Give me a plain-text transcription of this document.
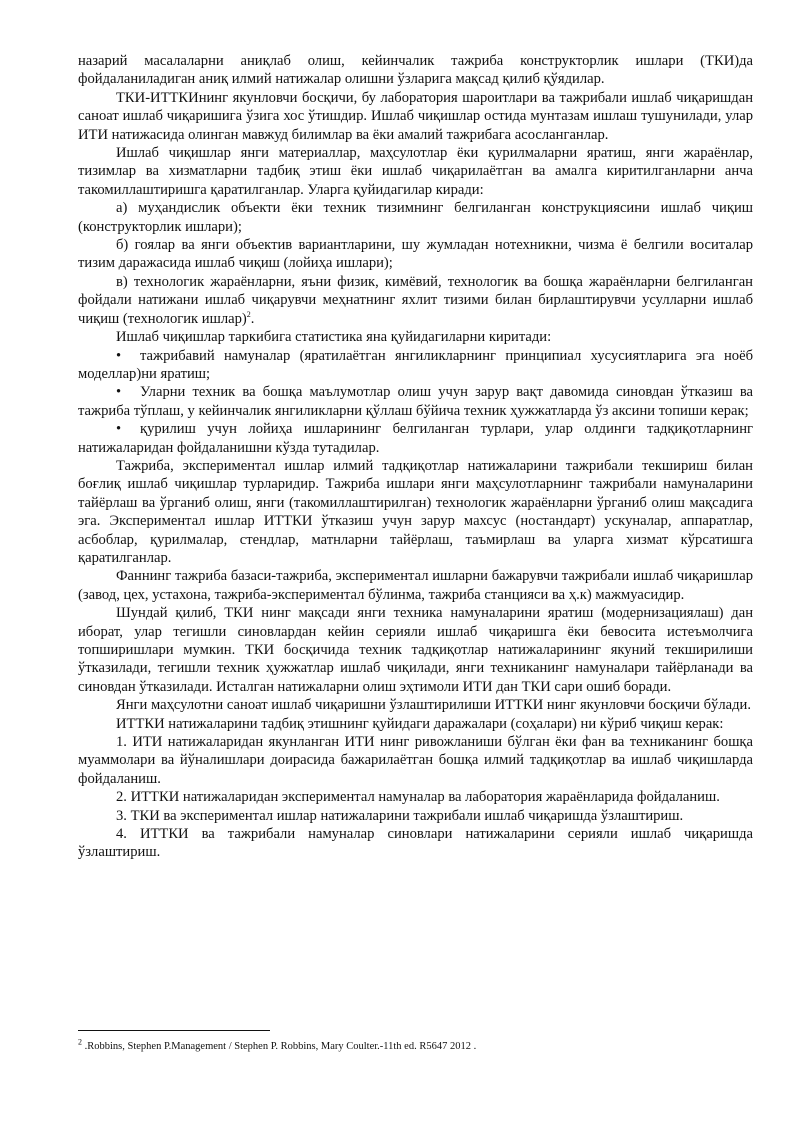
назарий масалаларни аниқлаб олиш, кейинчалик тажриба конструкторлик ишлари (ТКИ)да фойдаланиладиган аниқ илмий натижалар олишни ўзларига мақсад қилиб қўядилар.

ТКИ-ИТТКИнинг якунловчи босқичи, бу лаборатория шароитлари ва тажрибали ишлаб чиқаришдан саноат ишлаб чиқаришига ўзига хос ўтишдир. Ишлаб чиқишлар остида мунтазам ишлаш тушунилади, улар ИТИ натижасида олинган мавжуд билимлар ва ёки амалий тажрибага асосланганлар.

Ишлаб чиқишлар янги материаллар, маҳсулотлар ёки қурилмаларни яратиш, янги жараёнлар, тизимлар ва хизматларни тадбиқ этиш ёки ишлаб чиқарилаётган ва амалга киритилганларни анча такомиллаштиришга қаратилганлар. Уларга қуйидагилар киради:

а) муҳандислик объекти ёки техник тизимнинг белгиланган конструкциясини ишлаб чиқиш (конструкторлик ишлари);

б) гоялар ва янги объектив вариантларини, шу жумладан нотехникни, чизма ё белгили воситалар тизим даражасида ишлаб чиқиш (лойиҳа ишлари);

в) технологик жараёнларни, яъни физик, кимёвий, технологик ва бошқа жараёнларни белгиланган фойдали натижани ишлаб чиқарувчи меҳнатнинг яхлит тизими билан бирлаштирувчи усулларни ишлаб чиқиш (технологик ишлар)$^2$.

Ишлаб чиқишлар таркибига статистика яна қуйидагиларни киритади:

• тажрибавий намуналар (яратилаётган янгиликларнинг принципиал хусусиятларига эга ноёб моделлар)ни яратиш;

• Уларни техник ва бошқа маълумотлар олиш учун зарур вақт давомида синовдан ўтказиш ва тажриба тўплаш, у кейинчалик янгиликларни қўллаш бўйича техник ҳужжатларда ўз аксини топиши керак;

• қурилиш учун лойиҳа ишларининг белгиланган турлари, улар олдинги тадқиқотларнинг натижаларидан фойдаланишни кўзда тутадилар.

Тажриба, экспериментал ишлар илмий тадқиқотлар натижаларини тажрибали текшириш билан боғлиқ ишлаб чиқишлар турларидир. Тажриба ишлари янги маҳсулотларнинг тажрибали намуналарини тайёрлаш ва ўрганиб олиш, янги (такомиллаштирилган) технологик жараёнларни ўрганиб олиш мақсадига эга. Экспериментал ишлар ИТТКИ ўтказиш учун зарур махсус (ностандарт) ускуналар, аппаратлар, асбоблар, қурилмалар, стендлар, матнларни тайёрлаш, таъмирлаш ва уларга хизмат кўрсатишга қаратилганлар.

Фаннинг тажриба базаси-тажриба, экспериментал ишларни бажарувчи тажрибали ишлаб чиқаришлар (завод, цех, устахона, тажриба-экспериментал бўлинма, тажриба станцияси ва ҳ.к) мажмуасидир.

Шундай қилиб, ТКИ нинг мақсади янги техника намуналарини яратиш (модернизациялаш) дан иборат, улар тегишли синовлардан кейин серияли ишлаб чиқаришга ёки бевосита истеъмолчига топширишлари мумкин. ТКИ босқичида техник тадқиқотлар натижаларининг якуний текширилиши ўтказилади, тегишли техник ҳужжатлар ишлаб чиқилади, янги техниканинг намуналари тайёрланади ва синовдан ўтказилади. Исталган натижаларни олиш эҳтимоли ИТИ дан ТКИ сари ошиб боради.

Янги маҳсулотни саноат ишлаб чиқаришни ўзлаштирилиши ИТТКИ нинг якунловчи босқичи бўлади.

ИТТКИ натижаларини тадбиқ этишнинг қуйидаги даражалари (соҳалари) ни кўриб чиқиш керак:

1. ИТИ натижаларидан якунланган ИТИ нинг ривожланиши бўлган ёки фан ва техниканинг бошқа муаммолари ва йўналишлари доирасида бажарилаётган бошқа илмий тадқиқотлар ва ишлаб чиқишларда фойдаланиш.

2. ИТТКИ натижаларидан экспериментал намуналар ва лаборатория жараёнларида фойдаланиш.

3. ТКИ ва экспериментал ишлар натижаларини тажрибали ишлаб чиқаришда ўзлаштириш.

4. ИТТКИ ва тажрибали намуналар синовлари натижаларини серияли ишлаб чиқаришда ўзлаштириш.

$^2$ .Robbins, Stephen P.Management / Stephen P. Robbins, Mary Coulter.-11th ed. R5647 2012 .
